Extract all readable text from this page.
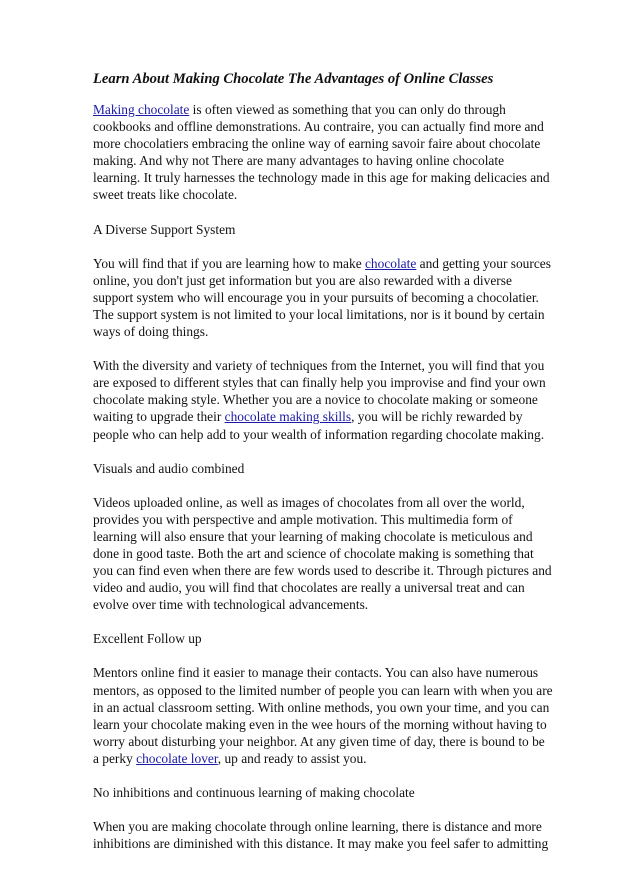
Learn About Making Chocolate The Advantages of Online Classes

Making chocolate is often viewed as something that you can only do through cookbooks and offline demonstrations. Au contraire, you can actually find more and more chocolatiers embracing the online way of earning savoir faire about chocolate making. And why not There are many advantages to having online chocolate learning. It truly harnesses the technology made in this age for making delicacies and sweet treats like chocolate.

A Diverse Support System

You will find that if you are learning how to make chocolate and getting your sources online, you don't just get information but you are also rewarded with a diverse support system who will encourage you in your pursuits of becoming a chocolatier. The support system is not limited to your local limitations, nor is it bound by certain ways of doing things.

With the diversity and variety of techniques from the Internet, you will find that you are exposed to different styles that can finally help you improvise and find your own chocolate making style. Whether you are a novice to chocolate making or someone waiting to upgrade their chocolate making skills, you will be richly rewarded by people who can help add to your wealth of information regarding chocolate making.

Visuals and audio combined

Videos uploaded online, as well as images of chocolates from all over the world, provides you with perspective and ample motivation. This multimedia form of learning will also ensure that your learning of making chocolate is meticulous and done in good taste. Both the art and science of chocolate making is something that you can find even when there are few words used to describe it. Through pictures and video and audio, you will find that chocolates are really a universal treat and can evolve over time with technological advancements.

Excellent Follow up

Mentors online find it easier to manage their contacts. You can also have numerous mentors, as opposed to the limited number of people you can learn with when you are in an actual classroom setting. With online methods, you own your time, and you can learn your chocolate making even in the wee hours of the morning without having to worry about disturbing your neighbor. At any given time of day, there is bound to be a perky chocolate lover, up and ready to assist you.

No inhibitions and continuous learning of making chocolate

When you are making chocolate through online learning, there is distance and more inhibitions are diminished with this distance. It may make you feel safer to admitting
